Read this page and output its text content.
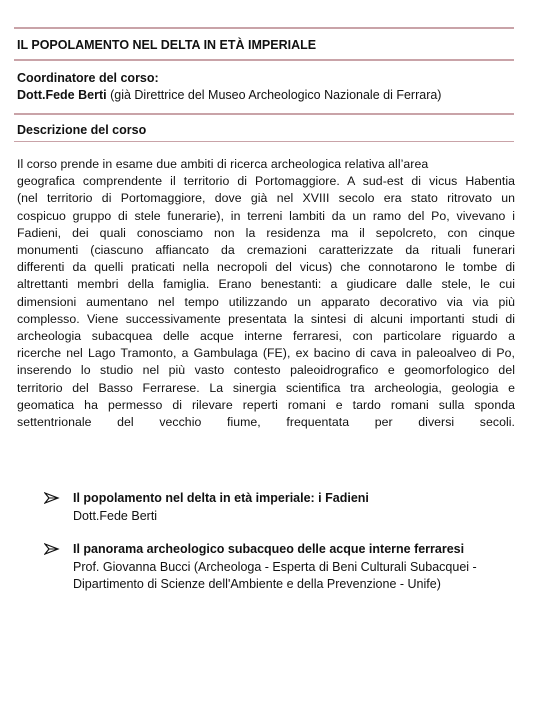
IL POPOLAMENTO NEL DELTA IN ETÀ IMPERIALE
Coordinatore del corso:
Dott.Fede Berti (già Direttrice del Museo Archeologico Nazionale di Ferrara)
Descrizione del corso
Il corso prende in esame due ambiti di ricerca archeologica relativa all’area
geografica comprendente il territorio di Portomaggiore. A sud-est di vicus Habentia
(nel territorio di Portomaggiore, dove già nel XVIII secolo era stato ritrovato un
cospicuo gruppo di stele funerarie), in terreni lambiti da un ramo del Po, vivevano i
Fadieni, dei quali conosciamo non la residenza ma il sepolcreto, con cinque
monumenti (ciascuno affiancato da cremazioni caratterizzate da rituali funerari
differenti da quelli praticati nella necropoli del vicus) che connotarono le tombe di
altrettanti membri della famiglia. Erano benestanti: a giudicare dalle stele, le cui
dimensioni aumentano nel tempo utilizzando un apparato decorativo via via più
complesso. Viene successivamente presentata la sintesi di alcuni importanti studi di
archeologia subacquea delle acque interne ferraresi, con particolare riguardo a
ricerche nel Lago Tramonto, a Gambulaga (FE), ex bacino di cava in paleoalveo di Po,
inserendo lo studio nel più vasto contesto paleoidrografico e geomorfologico del
territorio del Basso Ferrarese. La sinergia scientifica tra archeologia, geologia e
geomatica ha permesso di rilevare reperti romani e tardo romani sulla sponda
settentrionale del vecchio fiume, frequentata per diversi secoli.
Il popolamento nel delta in età imperiale: i Fadieni
Dott.Fede Berti
Il panorama archeologico subacqueo delle acque interne ferraresi
Prof. Giovanna Bucci (Archeologa - Esperta di Beni Culturali Subacquei -
Dipartimento di Scienze dell'Ambiente e della Prevenzione - Unife)
